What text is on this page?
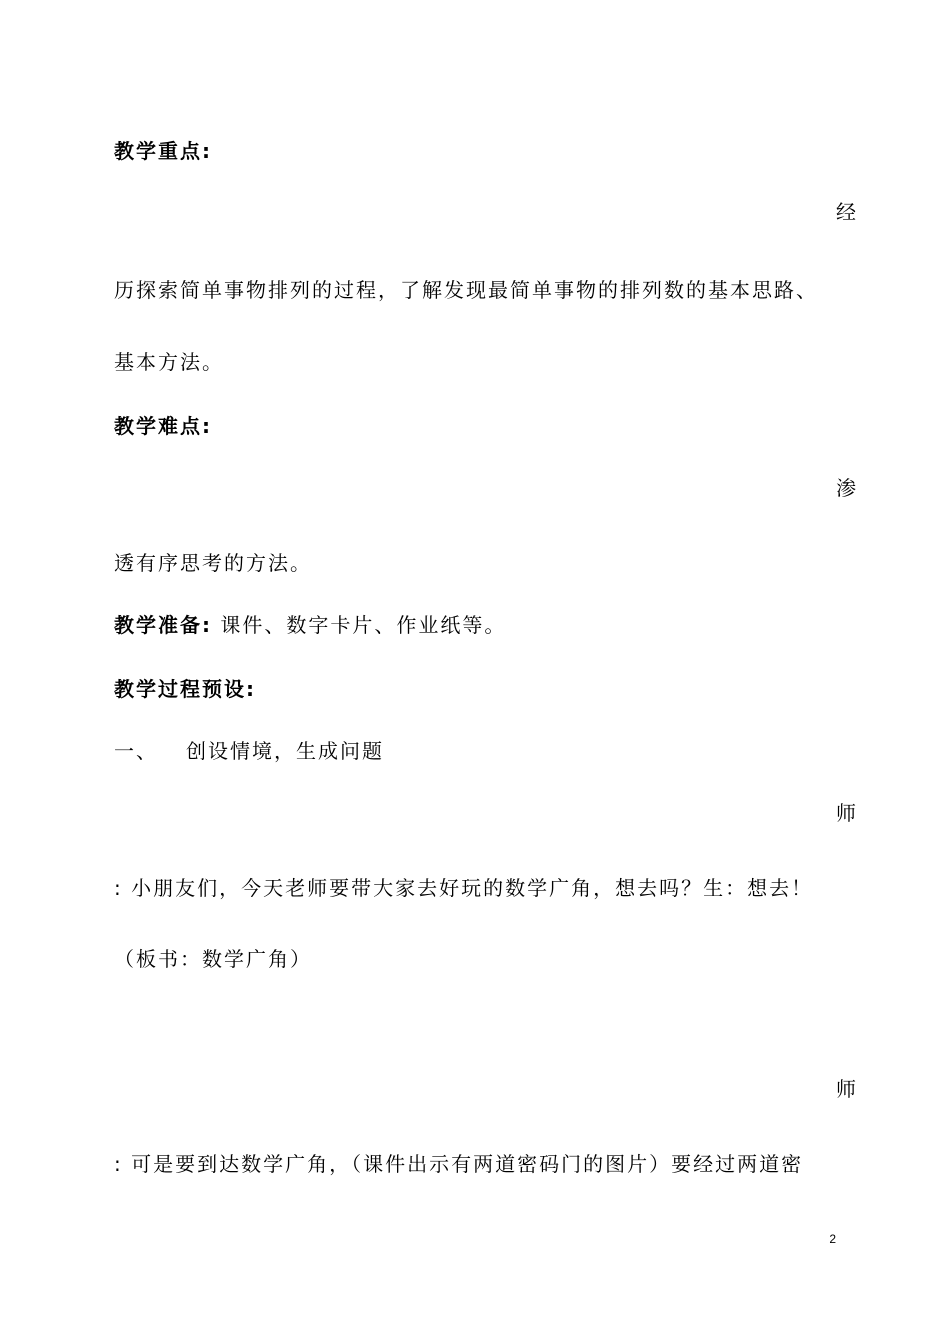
教学重点:
经
历探索简单事物排列的过程，了解发现最简单事物的排列数的基本思路、
基本方法。
教学难点:
渗
透有序思考的方法。
教学准备: 课件、数字卡片、作业纸等。
教学过程预设:
一、 创设情境，生成问题
师
: 小朋友们，今天老师要带大家去好玩的数学广角，想去吗？生：想去！
（板书：数学广角）
师
: 可是要到达数学广角，（课件出示有两道密码门的图片）要经过两道密
2
